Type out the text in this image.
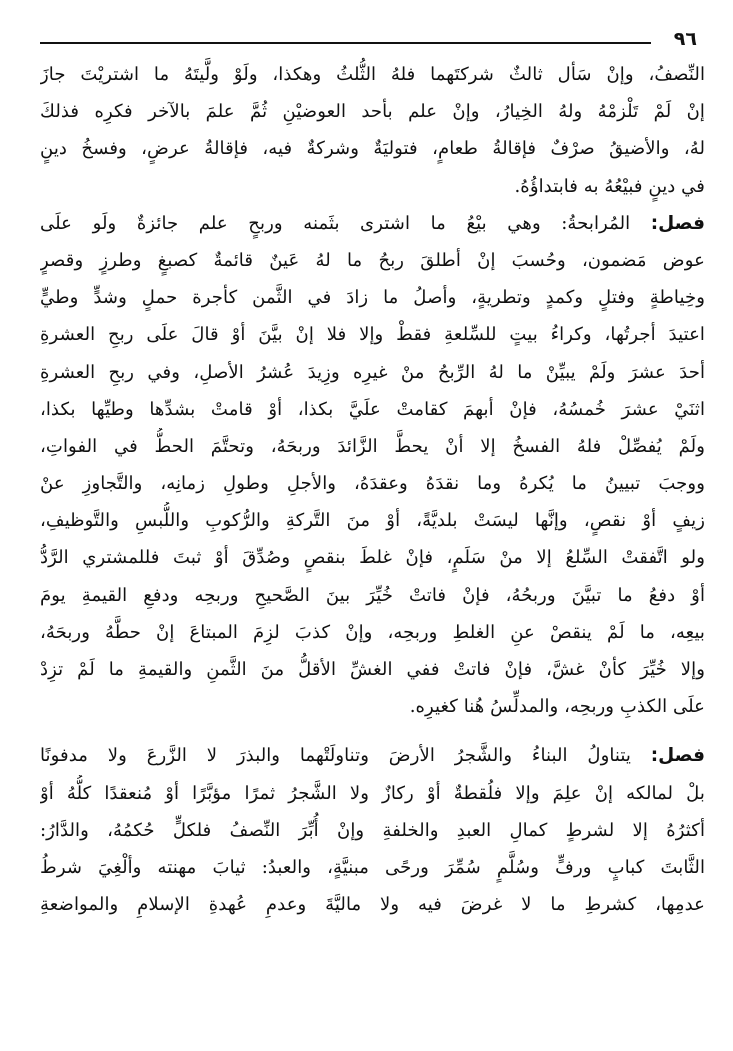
٩٦
النِّصفُ، وإنْ سَأل ثالثٌ شركتَهما فلهُ الثُّلثُ وهكذا، ولَوْ ولَّيتَهُ ما اشتريْتَ جازَ
إنْ لَمْ تَلْزمْهُ ولهُ الخِيارُ، وإنْ علم بأحد العوضيْنِ ثُمَّ علمَ بالآخر فكرِه فذلكَ
لهُ، والأضيقُ صرْفٌ فإقالةُ طعامٍ، فتوليَةٌ وشركةٌ فيه، فإقالةُ عرضٍ، وفسخُ دينٍ
في دينٍ فبيْعُهُ به فابتداؤُهُ.
فصل: المُرابحةُ: وهي بيْعُ ما اشترى بثَمنه وربحٍ علم جائزةٌ ولَو علَى
عوض مَضمون، وحُسبَ إنْ أطلقَ ربحُ ما لهُ عَينٌ قائمةٌ كصبغٍ وطرزٍ وقصرٍ
وخِياطةٍ وفتلٍ وكمدٍ وتطريةٍ، وأصلُ ما زادَ في الثَّمن كأجرة حملٍ وشدٍّ وطيٍّ
اعتيدَ أجرتُها، وكراءُ بيتٍ للسِّلعةِ فقطْ وإلا فلا إنْ بيَّنَ أوْ قالَ علَى ربحِ العشرةِ
أحدَ عشرَ ولَمْ يبيِّنْ ما لهُ الرِّبحُ منْ غيرِه وزِيدَ عُشرُ الأصلِ، وفي ربحِ العشرةِ
اثنَيْ عشرَ خُمسُهُ، فإنْ أبهمَ كقامتْ علَيَّ بكذا، أوْ قامتْ بشدِّها وطيِّها بكذا،
ولَمْ يُفصِّلْ فلهُ الفسخُ إلا أنْ يحطَّ الزَّائدَ وربحَهُ، وتحتَّمَ الحطُّ في الفواتِ،
ووجبَ تبيينُ ما يُكرهُ وما نقدَهُ وعقدَهُ، والأجلِ وطولِ زمانِه، والتَّجاوزِ عنْ
زيفٍ أوْ نقصٍ، وإنَّها ليسَتْ بلديَّةً، أوْ منَ التَّركةِ والرُّكوبِ واللُّبسِ والتَّوظيفِ،
ولو اتَّفقتْ السِّلعُ إلا منْ سَلَمٍ، فإنْ غلطَ بنقصٍ وصُدِّقَ أوْ ثبتَ فللمشتري الرَّدُّ
أوْ دفعُ ما تبيَّنَ وربحُهُ، فإنْ فاتتْ خُيِّرَ بينَ الصَّحيحِ وربحِه ودفعِ القيمةِ يومَ
بيعِه، ما لَمْ ينقصْ عنِ الغلطِ وربحِه، وإنْ كذبَ لزِمَ المبتاعَ إنْ حطَّهُ وربحَهُ،
وإلا خُيِّرَ كأنْ غشَّ، فإنْ فاتتْ ففي الغشِّ الأقلُّ منَ الثَّمنِ والقيمةِ ما لَمْ تزِدْ
علَى الكذبِ وربحِه، والمدلِّسُ هُنا كغيرِه.
فصل: يتناولُ البناءُ والشَّجرُ الأرضَ وتناولَتْهما والبذرَ لا الزَّرعَ ولا مدفونًا
بلْ لمالكه إنْ علِمَ وإلا فلُقطةٌ أوْ ركازٌ ولا الشَّجرُ ثمرًا مؤبَّرًا أوْ مُنعقدًا كلُّهُ أوْ
أكثرُهُ إلا لشرطٍ كمالِ العبدِ والخلفةِ وإنْ أُبِّرَ النِّصفُ فلكلٍّ حُكمُهُ، والدَّارُ:
الثَّابتَ كبابٍ ورفٍّ وسُلَّمٍ سُمِّرَ ورحًى مبنيَّةٍ، والعبدُ: ثيابَ مهنته وألْغِيَ شرطُ
عدمِها، كشرطِ ما لا غرضَ فيه ولا ماليَّةَ وعدمِ عُهدةِ الإسلامِ والمواضعةِ
